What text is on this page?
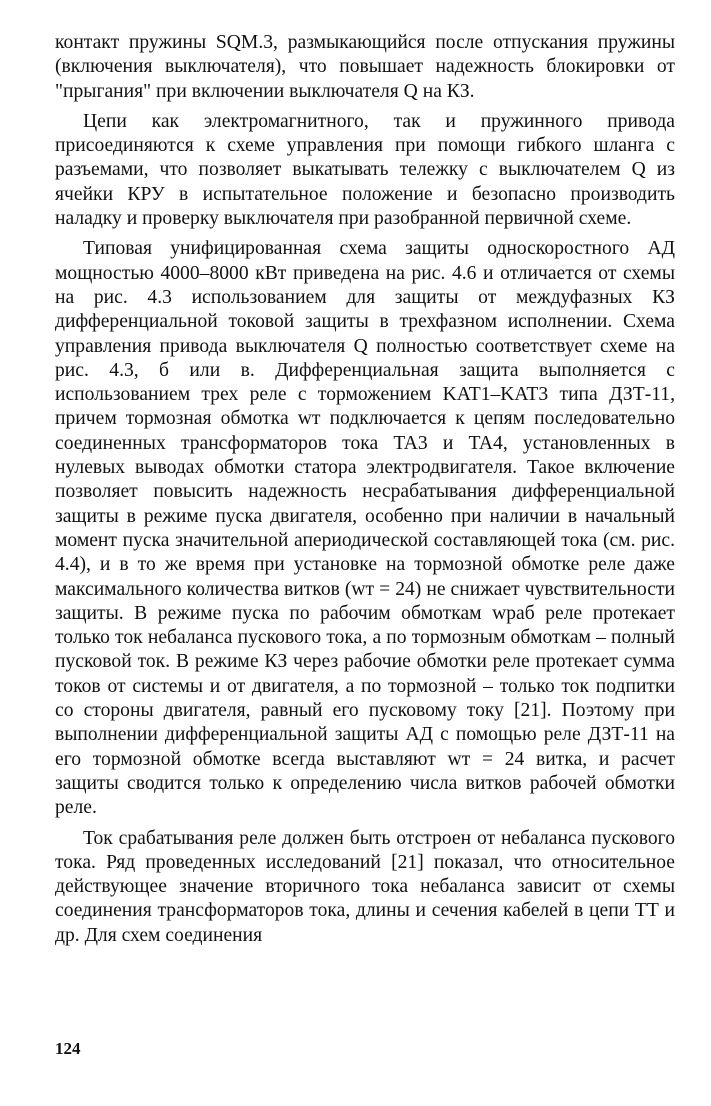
контакт пружины SQM.3, размыкающийся после отпускания пружины (включения выключателя), что повышает надежность блокировки от "прыгания" при включении выключателя Q на КЗ.

Цепи как электромагнитного, так и пружинного привода присоединяются к схеме управления при помощи гибкого шланга с разъемами, что позволяет выкатывать тележку с выключателем Q из ячейки КРУ в испытательное положение и безопасно производить наладку и проверку выключателя при разобранной первичной схеме.

Типовая унифицированная схема защиты односкоростного АД мощностью 4000–8000 кВт приведена на рис. 4.6 и отличается от схемы на рис. 4.3 использованием для защиты от междуфазных КЗ дифференциальной токовой защиты в трехфазном исполнении. Схема управления привода выключателя Q полностью соответствует схеме на рис. 4.3, б или в. Дифференциальная защита выполняется с использованием трех реле с торможением KAT1–KAT3 типа ДЗТ-11, причем тормозная обмотка wт подключается к цепям последовательно соединенных трансформаторов тока TA3 и TA4, установленных в нулевых выводах обмотки статора электродвигателя. Такое включение позволяет повысить надежность несрабатывания дифференциальной защиты в режиме пуска двигателя, особенно при наличии в начальный момент пуска значительной апериодической составляющей тока (см. рис. 4.4), и в то же время при установке на тормозной обмотке реле даже максимального количества витков (wт = 24) не снижает чувствительности защиты. В режиме пуска по рабочим обмоткам wраб реле протекает только ток небаланса пускового тока, а по тормозным обмоткам – полный пусковой ток. В режиме КЗ через рабочие обмотки реле протекает сумма токов от системы и от двигателя, а по тормозной – только ток подпитки со стороны двигателя, равный его пусковому току [21]. Поэтому при выполнении дифференциальной защиты АД с помощью реле ДЗТ-11 на его тормозной обмотке всегда выставляют wт = 24 витка, и расчет защиты сводится только к определению числа витков рабочей обмотки реле.

Ток срабатывания реле должен быть отстроен от небаланса пускового тока. Ряд проведенных исследований [21] показал, что относительное действующее значение вторичного тока небаланса зависит от схемы соединения трансформаторов тока, длины и сечения кабелей в цепи ТТ и др. Для схем соединения

124
